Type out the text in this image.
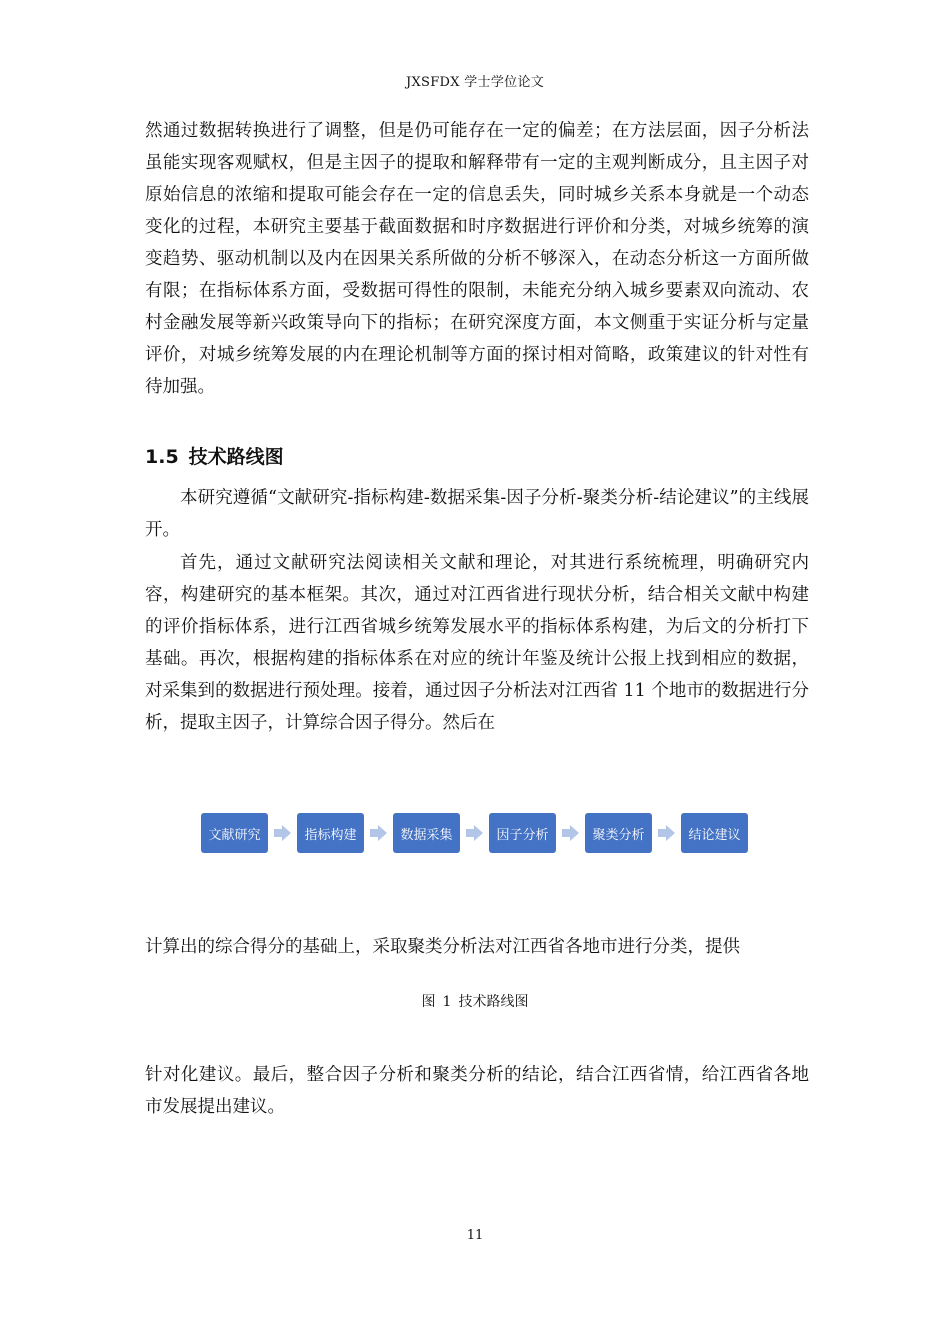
JXSFDX 学士学位论文

然通过数据转换进行了调整，但是仍可能存在一定的偏差；在方法层面，因子分析法虽能实现客观赋权，但是主因子的提取和解释带有一定的主观判断成分，且主因子对原始信息的浓缩和提取可能会存在一定的信息丢失，同时城乡关系本身就是一个动态变化的过程，本研究主要基于截面数据和时序数据进行评价和分类，对城乡统筹的演变趋势、驱动机制以及内在因果关系所做的分析不够深入，在动态分析这一方面所做有限；在指标体系方面，受数据可得性的限制，未能充分纳入城乡要素双向流动、农村金融发展等新兴政策导向下的指标；在研究深度方面，本文侧重于实证分析与定量评价，对城乡统筹发展的内在理论机制等方面的探讨相对简略，政策建议的针对性有待加强。

1.5 技术路线图

本研究遵循“文献研究-指标构建-数据采集-因子分析-聚类分析-结论建议”的主线展开。

首先，通过文献研究法阅读相关文献和理论，对其进行系统梳理，明确研究内容，构建研究的基本框架。其次，通过对江西省进行现状分析，结合相关文献中构建的评价指标体系，进行江西省城乡统筹发展水平的指标体系构建，为后文的分析打下基础。再次，根据构建的指标体系在对应的统计年鉴及统计公报上找到相应的数据，对采集到的数据进行预处理。接着，通过因子分析法对江西省 11 个地市的数据进行分析，提取主因子，计算综合因子得分。然后在

文献研究	指标构建	数据采集	因子分析	聚类分析	结论建议

计算出的综合得分的基础上，采取聚类分析法对江西省各地市进行分类，提供

图 1 技术路线图

针对化建议。最后，整合因子分析和聚类分析的结论，结合江西省情，给江西省各地市发展提出建议。

11
